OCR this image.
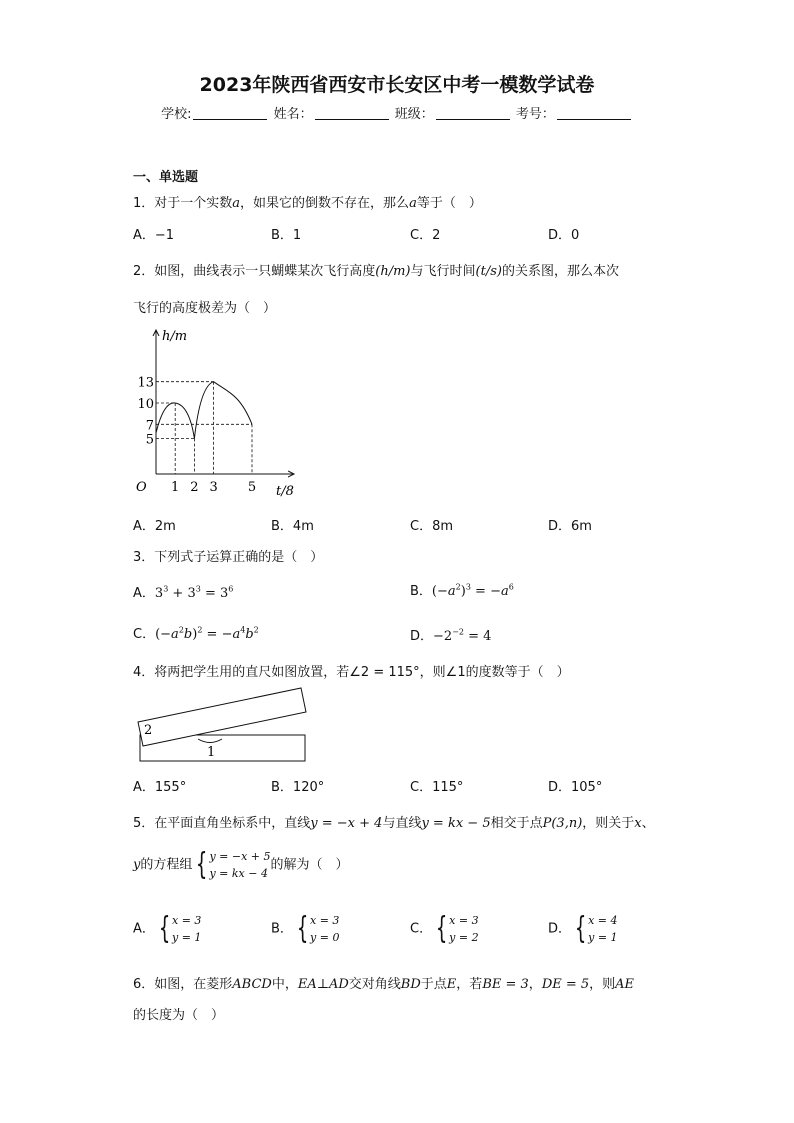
2023年陕西省西安市长安区中考一模数学试卷
学校:	姓名：	班级：	考号：
一、单选题
1．对于一个实数a，如果它的倒数不存在，那么a等于（　）
A．−1	B．1	C．2	D．0
2．如图，曲线表示一只蝴蝶某次飞行高度(h/m)与飞行时间(t/s)的关系图，那么本次
飞行的高度极差为（　）
1 2 3 5
5
7
10
13
O
h/m
t/8
A．2m	B．4m	C．8m	D．6m
3．下列式子运算正确的是（　）
A．$3^3 + 3^3 = 3^6$	B．$(-a^2)^3 = -a^6$
C．$(-a^2b)^2 = -a^4b^2$	D．$-2^{-2} = 4$
4．将两把学生用的直尺如图放置，若∠2 = 115°，则∠1的度数等于（　）
1
2
A．155°	B．120°	C．115°	D．105°
5．在平面直角坐标系中，直线y = −x + 4与直线y = kx − 5相交于点P(3,n)，则关于x、
y的方程组 { y = −x + 5
y = kx − 4的解为（　）
A． { x = 3
y = 1
B． { x = 3
y = 0
C． { x = 3
y = 2
D． { x = 4
y = 1
6．如图，在菱形ABCD中，EA⊥AD交对角线BD于点E，若BE = 3，DE = 5，则AE
的长度为（　）
